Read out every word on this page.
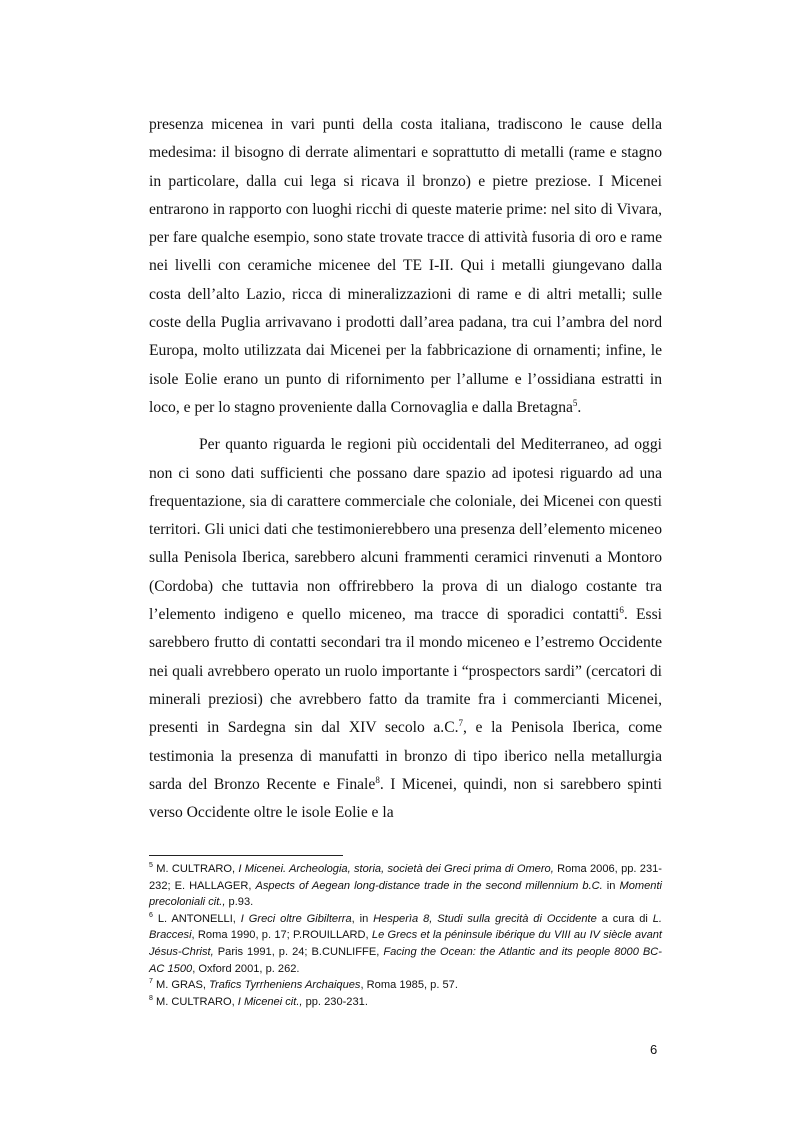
presenza micenea in vari punti della costa italiana, tradiscono le cause della medesima: il bisogno di derrate alimentari e soprattutto di metalli (rame e stagno in particolare, dalla cui lega si ricava il bronzo) e pietre preziose. I Micenei entrarono in rapporto con luoghi ricchi di queste materie prime: nel sito di Vivara, per fare qualche esempio, sono state trovate tracce di attività fusoria di oro e rame nei livelli con ceramiche micenee del TE I-II. Qui i metalli giungevano dalla costa dell’alto Lazio, ricca di mineralizzazioni di rame e di altri metalli; sulle coste della Puglia arrivavano i prodotti dall’area padana, tra cui l’ambra del nord Europa, molto utilizzata dai Micenei per la fabbricazione di ornamenti; infine, le isole Eolie erano un punto di rifornimento per l’allume e l’ossidiana estratti in loco, e per lo stagno proveniente dalla Cornovaglia e dalla Bretagna$^5$.

Per quanto riguarda le regioni più occidentali del Mediterraneo, ad oggi non ci sono dati sufficienti che possano dare spazio ad ipotesi riguardo ad una frequentazione, sia di carattere commerciale che coloniale, dei Micenei con questi territori. Gli unici dati che testimonierebbero una presenza dell’elemento miceneo sulla Penisola Iberica, sarebbero alcuni frammenti ceramici rinvenuti a Montoro (Cordoba) che tuttavia non offrirebbero la prova di un dialogo costante tra l’elemento indigeno e quello miceneo, ma tracce di sporadici contatti$^6$. Essi sarebbero frutto di contatti secondari tra il mondo miceneo e l’estremo Occidente nei quali avrebbero operato un ruolo importante i “prospectors sardi” (cercatori di minerali preziosi) che avrebbero fatto da tramite fra i commercianti Micenei, presenti in Sardegna sin dal XIV secolo a.C.$^7$, e la Penisola Iberica, come testimonia la presenza di manufatti in bronzo di tipo iberico nella metallurgia sarda del Bronzo Recente e Finale$^8$. I Micenei, quindi, non si sarebbero spinti verso Occidente oltre le isole Eolie e la

$^5$ M. CULTRARO, I Micenei. Archeologia, storia, società dei Greci prima di Omero, Roma 2006, pp. 231-232; E. HALLAGER, Aspects of Aegean long-distance trade in the second millennium b.C. in Momenti precoloniali cit., p.93.

$^6$ L. ANTONELLI, I Greci oltre Gibilterra, in Hesperìa 8, Studi sulla grecità di Occidente a cura di L. Braccesi, Roma 1990, p. 17; P.ROUILLARD, Le Grecs et la péninsule ibérique du VIII au IV siècle avant Jésus-Christ, Paris 1991, p. 24; B.CUNLIFFE, Facing the Ocean: the Atlantic and its people 8000 BC-AC 1500, Oxford 2001, p. 262.

$^7$ M. GRAS, Trafics Tyrrheniens Archaiques, Roma 1985, p. 57.

$^8$ M. CULTRARO, I Micenei cit., pp. 230-231.

6
